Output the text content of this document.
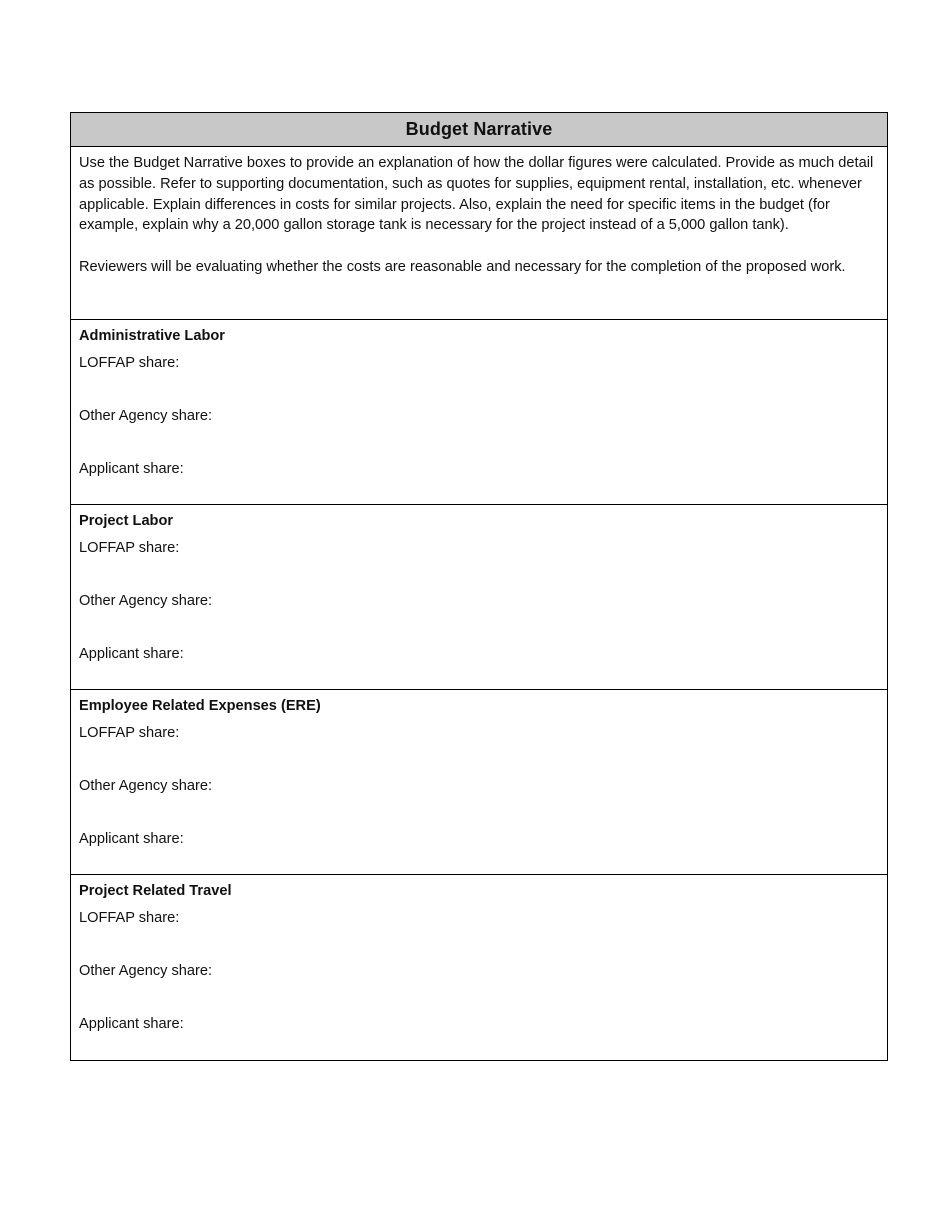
Budget Narrative

Use the Budget Narrative boxes to provide an explanation of how the dollar figures were calculated. Provide as much detail as possible. Refer to supporting documentation, such as quotes for supplies, equipment rental, installation, etc. whenever applicable. Explain differences in costs for similar projects. Also, explain the need for specific items in the budget (for example, explain why a 20,000 gallon storage tank is necessary for the project instead of a 5,000 gallon tank).

Reviewers will be evaluating whether the costs are reasonable and necessary for the completion of the proposed work.

Administrative Labor
LOFFAP share:
Other Agency share:
Applicant share:
Project Labor
LOFFAP share:
Other Agency share:
Applicant share:
Employee Related Expenses (ERE)
LOFFAP share:
Other Agency share:
Applicant share:
Project Related Travel
LOFFAP share:
Other Agency share:
Applicant share:
